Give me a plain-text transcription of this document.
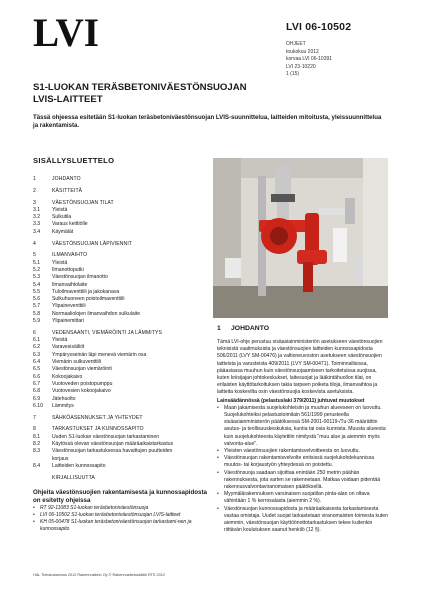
LVI	LVI 06-10502
OHJEET
toukokuu 2012
korvaa LVI 06-10391
LVI 23-10220
1 (15)
S1-LUOKAN TERÄSBETONIVÄESTÖNSUOJAN
LVIS-LAITTEET
Tässä ohjeessa esitetään S1-luokan teräsbetoniväestönsuojan LVIS-suunnittelua, laitteiden mitoitusta, yleissuunnittelua ja rakentamista.
SISÄLLYSLUETTELO
1	JOHDANTO
2	KÄSITTEITÄ
3	VÄESTÖNSUOJAN TILAT
3.1	Yleistä
3.2	Sulkutila
3.3	Varaus keittiölle
3.4	Käymälät
4	VÄESTÖNSUOJAN LÄPIVIENNIT
5	ILMANVAIHTO
5.1	Yleistä
5.2	Ilmanottoputki
5.3	Väestönsuojan ilmanotto
5.4	Ilmanvaihtolaite
5.5	Tuloilmaventtiili ja jakokanava
5.6	Sulkuhuoneen poistoilmaventtiili
5.7	Ylipaineventtiili
5.8	Normaaliolojen ilmanvaihdon sulkulaite
5.9	Ylipainemittari
6	VEDENSAANTI, VIEMÄRÖINTI JA LÄMMITYS
6.1	Yleistä
6.2	Varavesisäiliöt
6.3	Ympärysseinän läpi menevä viemärin osa
6.4	Viemärin sulkuventtiili
6.5	Väestönsuojan viemäröinti
6.6	Kokoojakaivo
6.7	Vuotoveden poistopumppu
6.8	Vuotovesien kokoojakaivo
6.9	Jätehuolto
6.10	Lämmitys
7	SÄHKÖASENNUKSET JA YHTEYDET
8	TARKASTUKSET JA KUNNOSSAPITO
8.1	Uuden S1-luokan väestönsuojan tarkastaminen
8.2	Käytössä olevan väestönsuojan määräaikaistarkastus
8.3	Väestönsuojan tarkastuksessa havaittujen puutteiden korjaus
8.4	Laitteiden kunnossapito
KIRJALLISUUTTA
Ohjeita väestönsuojien rakentamisesta ja kunnossapidosta on esitetty ohjeissa
• RT 92-11083 S1-luokan teräsbetoniväestönsuoja
• LVI 06-10502 S1-luokan teräsbetoniväestönsuojan LVIS-laitteet
• KH 05-00478 S1-luokan teräsbetoniväestönsuojan tarkastami-nen ja kunnossapito
HAL Tietokustannus 2012 Rakennustieto Oy © Rakennustietosäätiö RTS 2012
1 JOHDANTO

Tämä LVI-ohje perustuu sisäasiainministeriön asetukseen väestönsuojien teknisistä vaatimuksista ja väestönsuojien laitteiden kunnossapidosta 506/2011 (LVY SM-00476) ja valtioneuvoston asetukseen väestönsuojien laitteista ja varusteista 409/2011 (LVY SM-00471). Toiminnallisissa, pääasiassa muuhun kuin väestönsuojaamiseen tarkoitetuissa suojissa, kuten kriisijajan johtokeskukset, laitesuojat ja lääkintähuollon tilat, on erilaisten käyttötarkoituksen takia tarpeen poiketa tiloja, ilmanvaihtoa ja laitteita koskevilta osin väestönsuojia koskevista asetuksista.

Lainsäädännössä (pelastuslaki 379/2011) juhtuvat muutokset
• Maan jakamisesta suojelukohteisiin ja muuhun alueeseen on luovuttu. Suojelukohteiksi pelastustoimilain 561/1999 perusteella sisäasiainministerön päätöksessä SM-2001-00119-/Tu-36 määrättiin asutus- ja teollisuuskeskuksia, kuntia tai osia kunnista. Muusta alueesta kuin suojelukohteesta käytettiin nimitystä "muu alue ja aiemmin myös valvonta-alue".
• Yleisten väestönsuojien rakentamisvelvoitteesta on luovuttu.
• Väestönsuojan rakentamisvelvolte entisissä suojelukohdekunnissa muutos- tai korjaustyön yhteydessä on poistettu.
• Väestönsuoja saadaan sijoittaa enintään 250 metrin päähän rakennuksesta, jota varten se rakennetaan. Matkaa voidaan pidentää rakennusvalvontaviranomaisen päätöksellä.
• Myymälärakennuksen varsinaisen suojatilan pinta-alan on oltava vähintään 1 % kerrosalasta (aiemmin 2 %).
• Väestönsuojan kunnossapidosta ja määräaikaisesta tarkastamisesta vastaa omistaja. Uudet suojat tarkastetaan viranomaisten toimesta kuten aiemmin, väestönsuojan käyttöönottotarkastuksen tekee kuitenkin riittävän koulutuksen saanut henkilö (12 §).
